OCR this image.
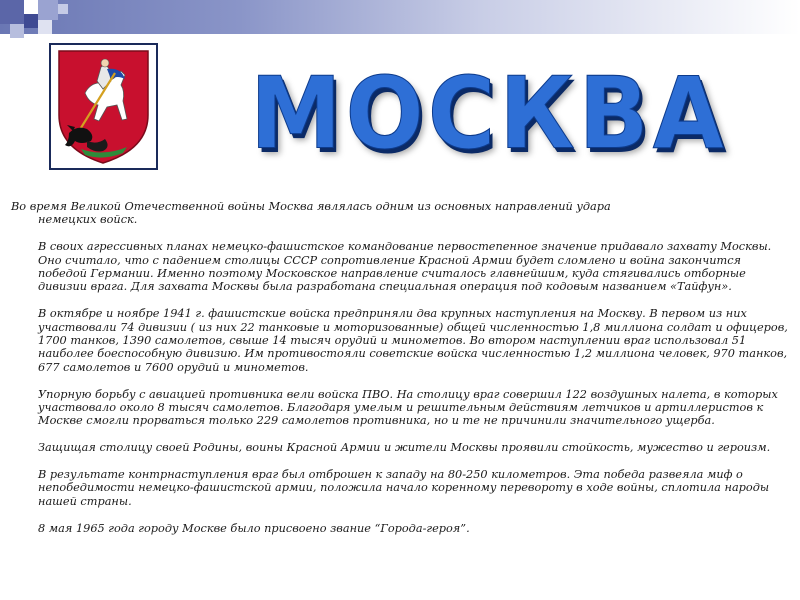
МОСКВА

Во время Великой Отечественной войны Москва являлась одним из основных направлений удара
немецких войск.

В своих агрессивных планах немецко-фашистское командование первостепенное значение придавало захвату Москвы. Оно считало, что с падением столицы СССР сопротивление Красной Армии будет сломлено и война закончится победой Германии. Именно поэтому Московское направление считалось главнейшим, куда стягивались отборные дивизии врага. Для захвата Москвы была разработана специальная операция под кодовым названием «Тайфун».

В октябре и ноябре 1941 г. фашистские войска предприняли два крупных наступления на Москву. В первом из них участвовали 74 дивизии ( из них 22 танковые и моторизованные) общей численностью 1,8 миллиона солдат и офицеров, 1700 танков, 1390 самолетов, свыше 14 тысяч орудий и минометов. Во втором наступлении враг использовал 51 наиболее боеспособную дивизию. Им противостояли советские войска численностью 1,2 миллиона человек, 970 танков, 677 самолетов и 7600 орудий и минометов.

Упорную борьбу с авиацией противника вели войска ПВО. На столицу враг совершил 122 воздушных налета, в которых участвовало около 8 тысяч самолетов. Благодаря умелым и решительным действиям летчиков и артиллеристов к Москве смогли прорваться только 229 самолетов противника, но и те не причинили значительного ущерба.

Защищая столицу своей Родины, воины Красной Армии и жители Москвы проявили стойкость, мужество и героизм.

В результате контрнаступления враг был отброшен к западу на 80-250 километров. Эта победа развеяла миф о непобедимости немецко-фашистской армии, положила начало коренному перевороту в ходе войны, сплотила народы нашей страны.

8 мая 1965 года городу Москве было присвоено звание “Города-героя”.
